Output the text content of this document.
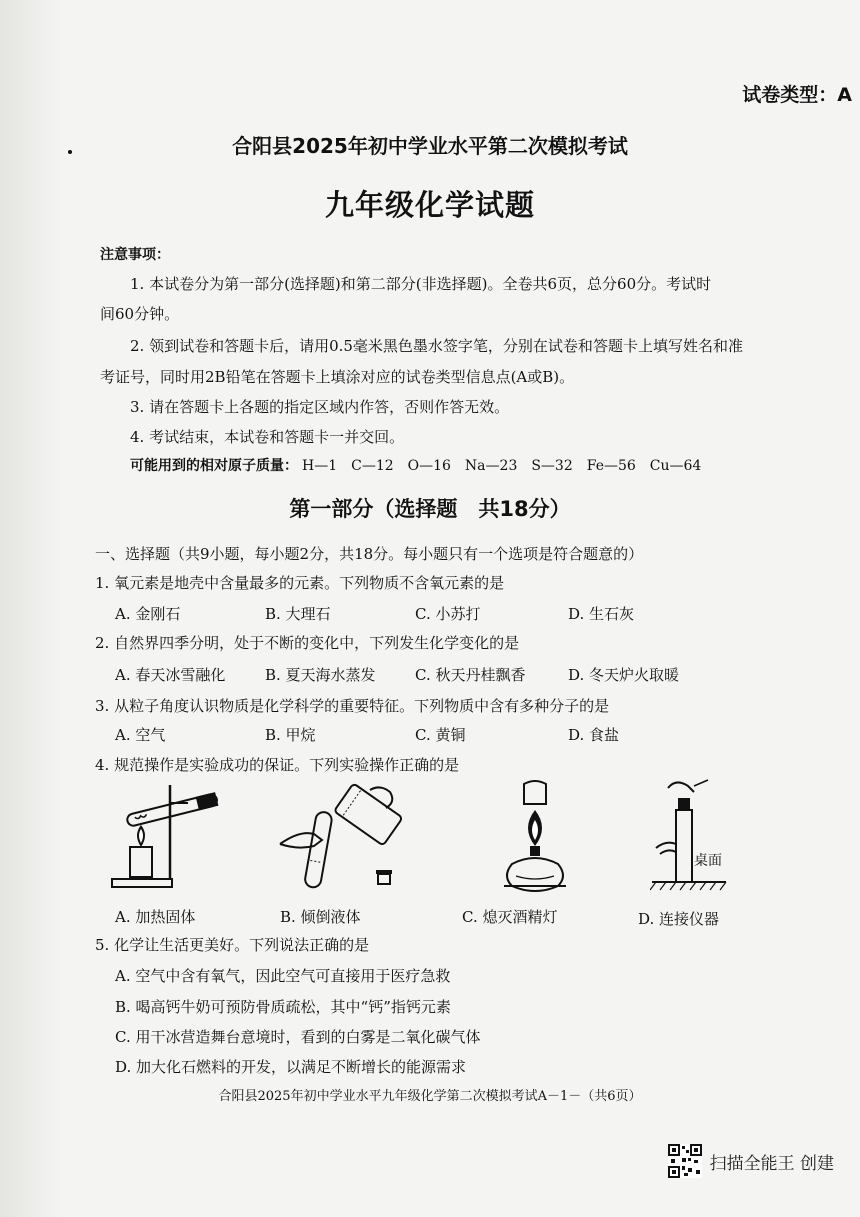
试卷类型：A
合阳县2025年初中学业水平第二次模拟考试
九年级化学试题
注意事项：
1. 本试卷分为第一部分(选择题)和第二部分(非选择题)。全卷共6页，总分60分。考试时
间60分钟。
2. 领到试卷和答题卡后，请用0.5毫米黑色墨水签字笔，分别在试卷和答题卡上填写姓名和准
考证号，同时用2B铅笔在答题卡上填涂对应的试卷类型信息点(A或B)。
3. 请在答题卡上各题的指定区域内作答，否则作答无效。
4. 考试结束，本试卷和答题卡一并交回。
可能用到的相对原子质量： H—1　C—12　O—16　Na—23　S—32　Fe—56　Cu—64
第一部分（选择题　共18分）
一、选择题（共9小题，每小题2分，共18分。每小题只有一个选项是符合题意的）
1. 氧元素是地壳中含量最多的元素。下列物质不含氧元素的是
A. 金刚石	B. 大理石	C. 小苏打	D. 生石灰
2. 自然界四季分明，处于不断的变化中，下列发生化学变化的是
A. 春天冰雪融化	B. 夏天海水蒸发	C. 秋天丹桂飘香	D. 冬天炉火取暖
3. 从粒子角度认识物质是化学科学的重要特征。下列物质中含有多种分子的是
A. 空气	B. 甲烷	C. 黄铜	D. 食盐
4. 规范操作是实验成功的保证。下列实验操作正确的是
桌面
A. 加热固体	B. 倾倒液体	C. 熄灭酒精灯	D. 连接仪器
5. 化学让生活更美好。下列说法正确的是
A. 空气中含有氧气，因此空气可直接用于医疗急救
B. 喝高钙牛奶可预防骨质疏松，其中“钙”指钙元素
C. 用干冰营造舞台意境时，看到的白雾是二氧化碳气体
D. 加大化石燃料的开发，以满足不断增长的能源需求
合阳县2025年初中学业水平九年级化学第二次模拟考试A－1－（共6页）
扫描全能王 创建
